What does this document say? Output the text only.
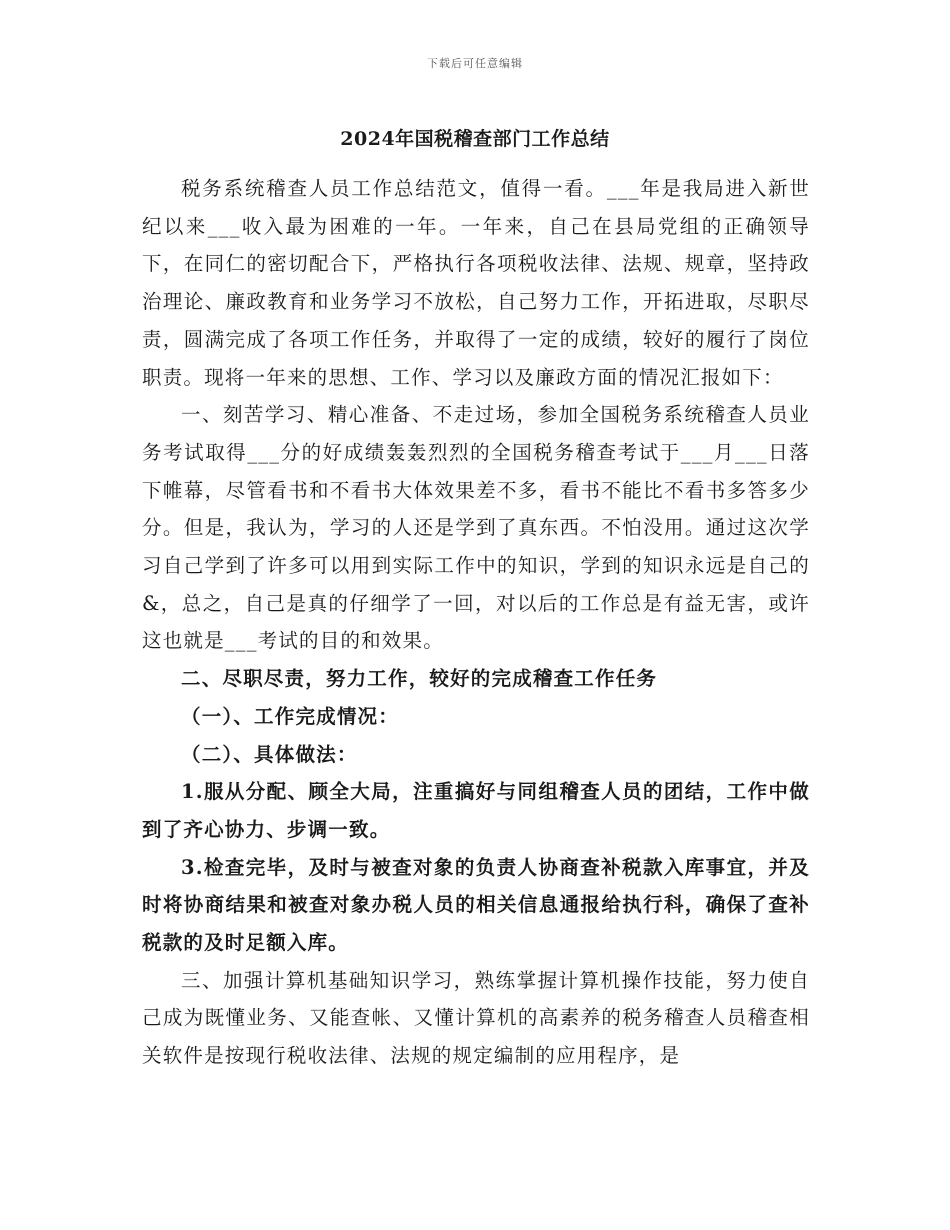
下载后可任意编辑
2024年国税稽查部门工作总结

税务系统稽查人员工作总结范文，值得一看。___年是我局进入新世纪以来___收入最为困难的一年。一年来，自己在县局党组的正确领导下，在同仁的密切配合下，严格执行各项税收法律、法规、规章，坚持政治理论、廉政教育和业务学习不放松，自己努力工作，开拓进取，尽职尽责，圆满完成了各项工作任务，并取得了一定的成绩，较好的履行了岗位职责。现将一年来的思想、工作、学习以及廉政方面的情况汇报如下：

一、刻苦学习、精心准备、不走过场，参加全国税务系统稽查人员业务考试取得___分的好成绩轰轰烈烈的全国税务稽查考试于___月___日落下帷幕，尽管看书和不看书大体效果差不多，看书不能比不看书多答多少分。但是，我认为，学习的人还是学到了真东西。不怕没用。通过这次学习自己学到了许多可以用到实际工作中的知识，学到的知识永远是自己的&，总之，自己是真的仔细学了一回，对以后的工作总是有益无害，或许这也就是___考试的目的和效果。

二、尽职尽责，努力工作，较好的完成稽查工作任务

（一）、工作完成情况：

（二）、具体做法：

1.服从分配、顾全大局，注重搞好与同组稽查人员的团结，工作中做到了齐心协力、步调一致。

3.检查完毕，及时与被查对象的负责人协商查补税款入库事宜，并及时将协商结果和被查对象办税人员的相关信息通报给执行科，确保了查补税款的及时足额入库。

三、加强计算机基础知识学习，熟练掌握计算机操作技能，努力使自己成为既懂业务、又能查帐、又懂计算机的高素养的税务稽查人员稽查相关软件是按现行税收法律、法规的规定编制的应用程序，是
